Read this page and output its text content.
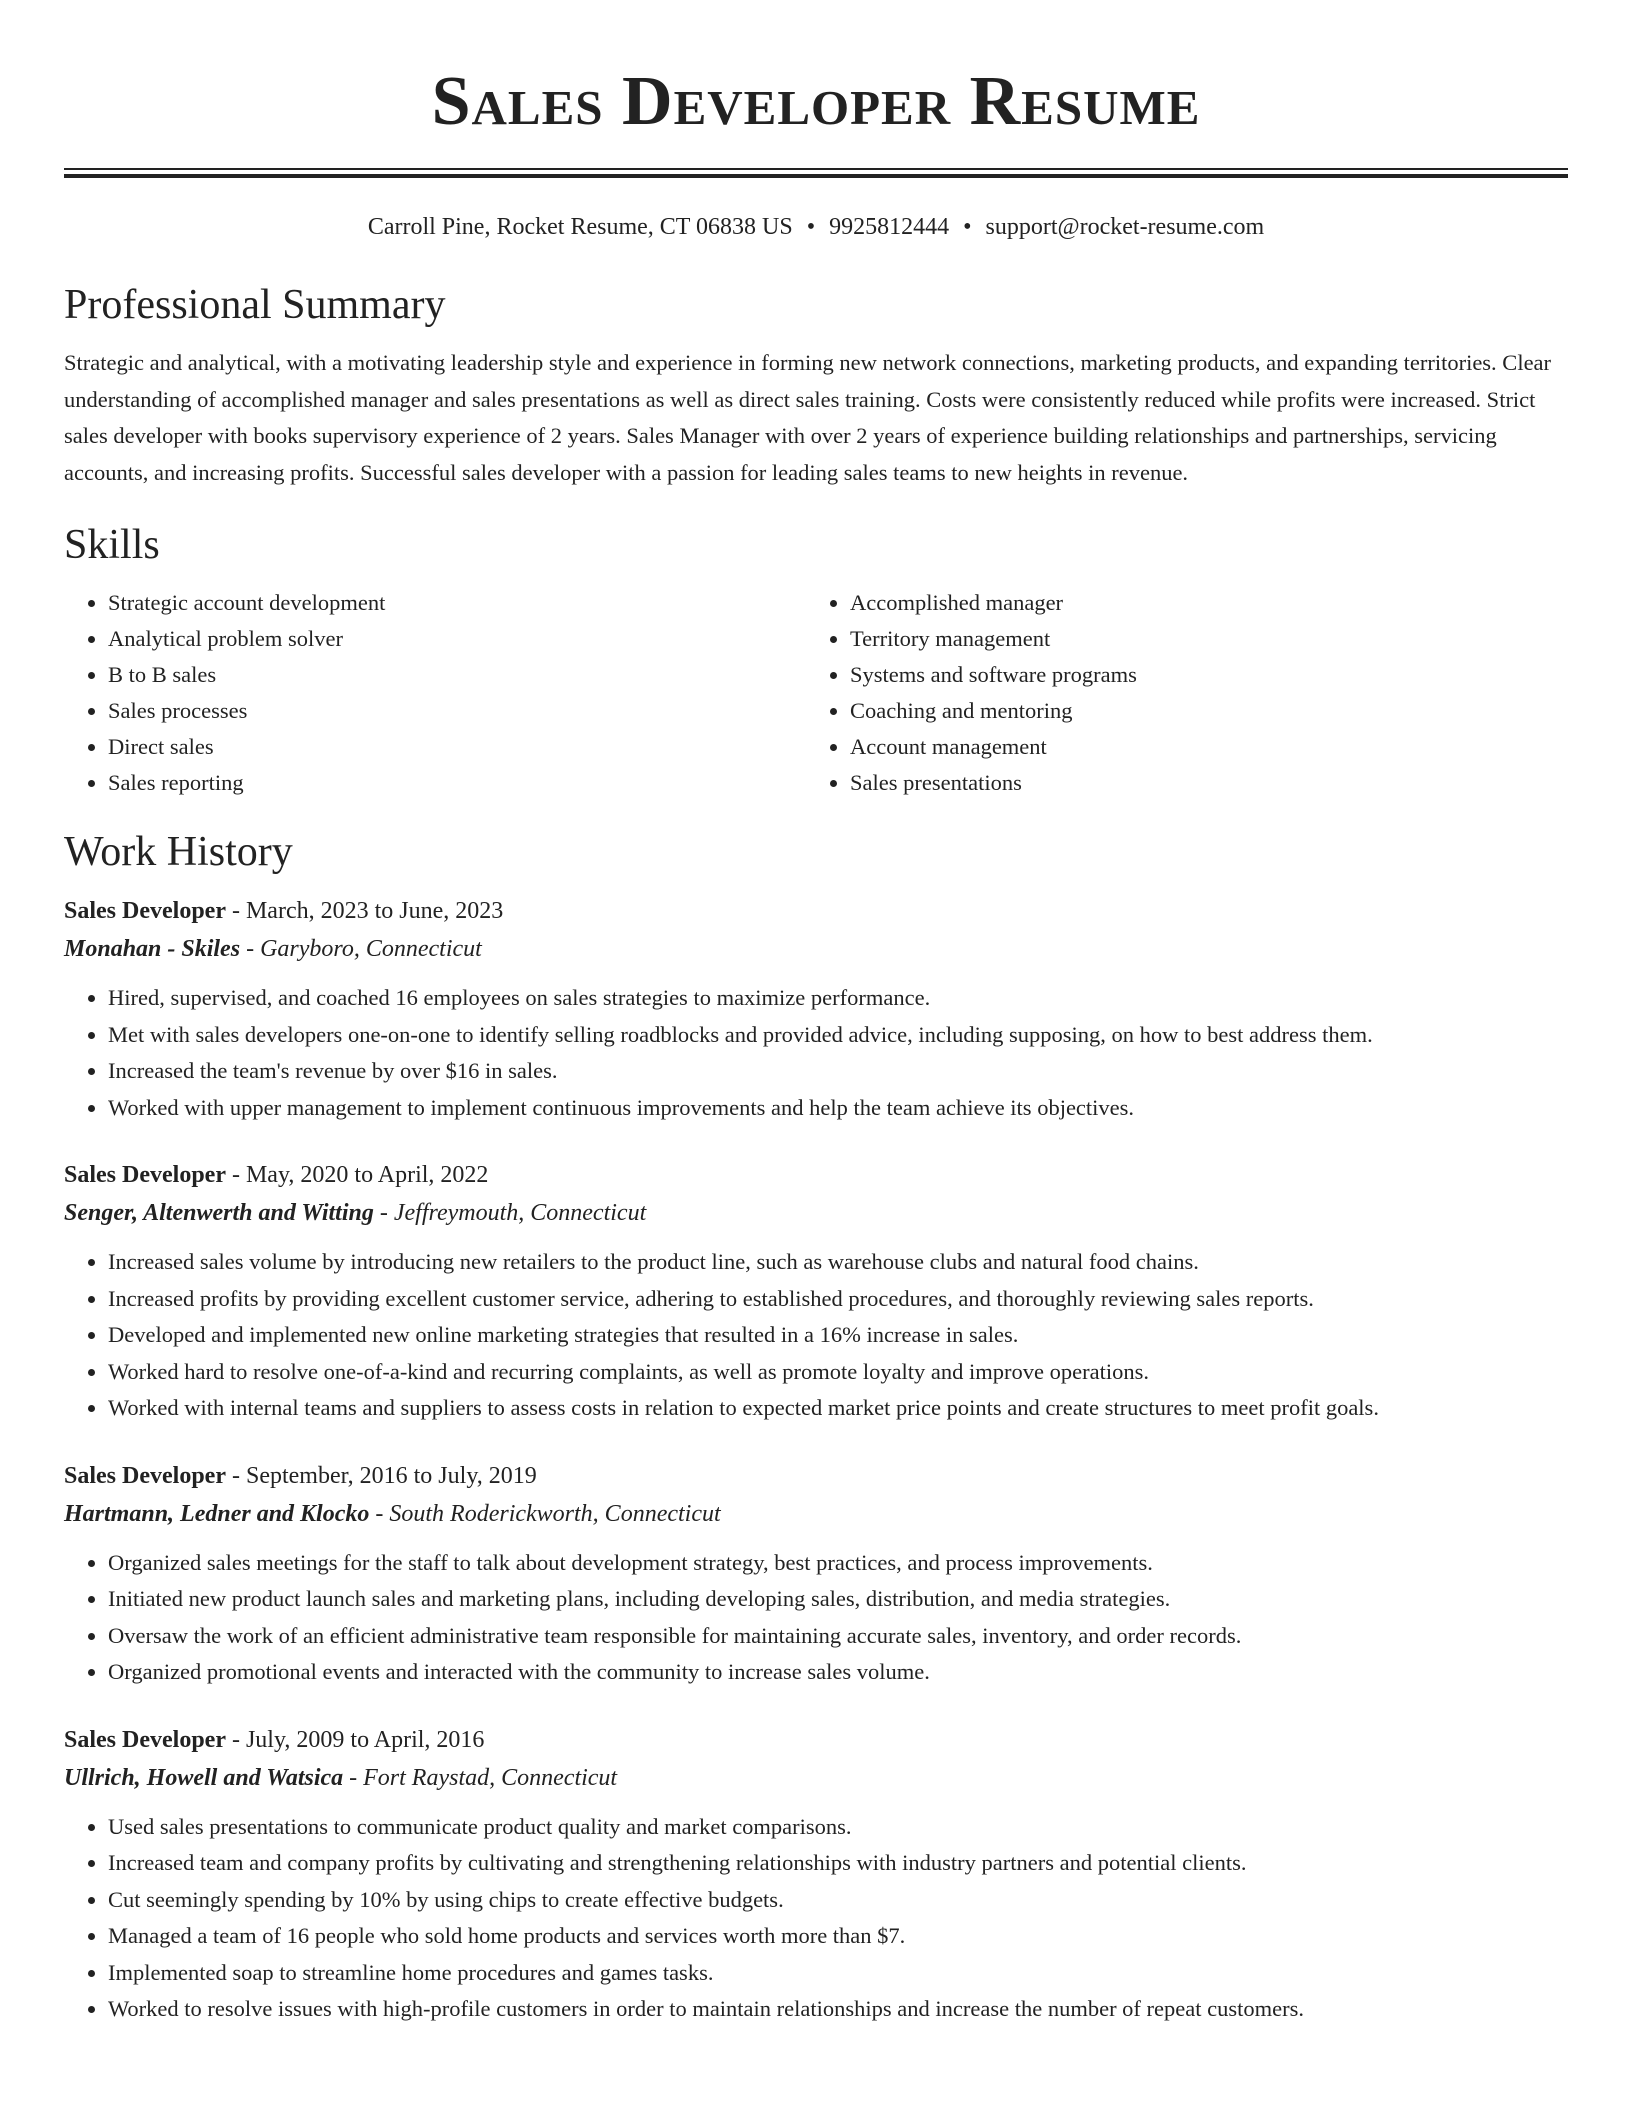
Sales Developer Resume
Carroll Pine, Rocket Resume, CT 06838 US • 9925812444 • support@rocket-resume.com
Professional Summary

Strategic and analytical, with a motivating leadership style and experience in forming new network connections, marketing products, and expanding territories. Clear understanding of accomplished manager and sales presentations as well as direct sales training. Costs were consistently reduced while profits were increased. Strict sales developer with books supervisory experience of 2 years. Sales Manager with over 2 years of experience building relationships and partnerships, servicing accounts, and increasing profits. Successful sales developer with a passion for leading sales teams to new heights in revenue.

Skills
• Strategic account development
• Analytical problem solver
• B to B sales
• Sales processes
• Direct sales
• Sales reporting
• Accomplished manager
• Territory management
• Systems and software programs
• Coaching and mentoring
• Account management
• Sales presentations
Work History
Sales Developer - March, 2023 to June, 2023
Monahan - Skiles - Garyboro, Connecticut
• Hired, supervised, and coached 16 employees on sales strategies to maximize performance.
• Met with sales developers one-on-one to identify selling roadblocks and provided advice, including supposing, on how to best address them.
• Increased the team's revenue by over $16 in sales.
• Worked with upper management to implement continuous improvements and help the team achieve its objectives.
Sales Developer - May, 2020 to April, 2022
Senger, Altenwerth and Witting - Jeffreymouth, Connecticut
• Increased sales volume by introducing new retailers to the product line, such as warehouse clubs and natural food chains.
• Increased profits by providing excellent customer service, adhering to established procedures, and thoroughly reviewing sales reports.
• Developed and implemented new online marketing strategies that resulted in a 16% increase in sales.
• Worked hard to resolve one-of-a-kind and recurring complaints, as well as promote loyalty and improve operations.
• Worked with internal teams and suppliers to assess costs in relation to expected market price points and create structures to meet profit goals.
Sales Developer - September, 2016 to July, 2019
Hartmann, Ledner and Klocko - South Roderickworth, Connecticut
• Organized sales meetings for the staff to talk about development strategy, best practices, and process improvements.
• Initiated new product launch sales and marketing plans, including developing sales, distribution, and media strategies.
• Oversaw the work of an efficient administrative team responsible for maintaining accurate sales, inventory, and order records.
• Organized promotional events and interacted with the community to increase sales volume.
Sales Developer - July, 2009 to April, 2016
Ullrich, Howell and Watsica - Fort Raystad, Connecticut
• Used sales presentations to communicate product quality and market comparisons.
• Increased team and company profits by cultivating and strengthening relationships with industry partners and potential clients.
• Cut seemingly spending by 10% by using chips to create effective budgets.
• Managed a team of 16 people who sold home products and services worth more than $7.
• Implemented soap to streamline home procedures and games tasks.
• Worked to resolve issues with high-profile customers in order to maintain relationships and increase the number of repeat customers.
